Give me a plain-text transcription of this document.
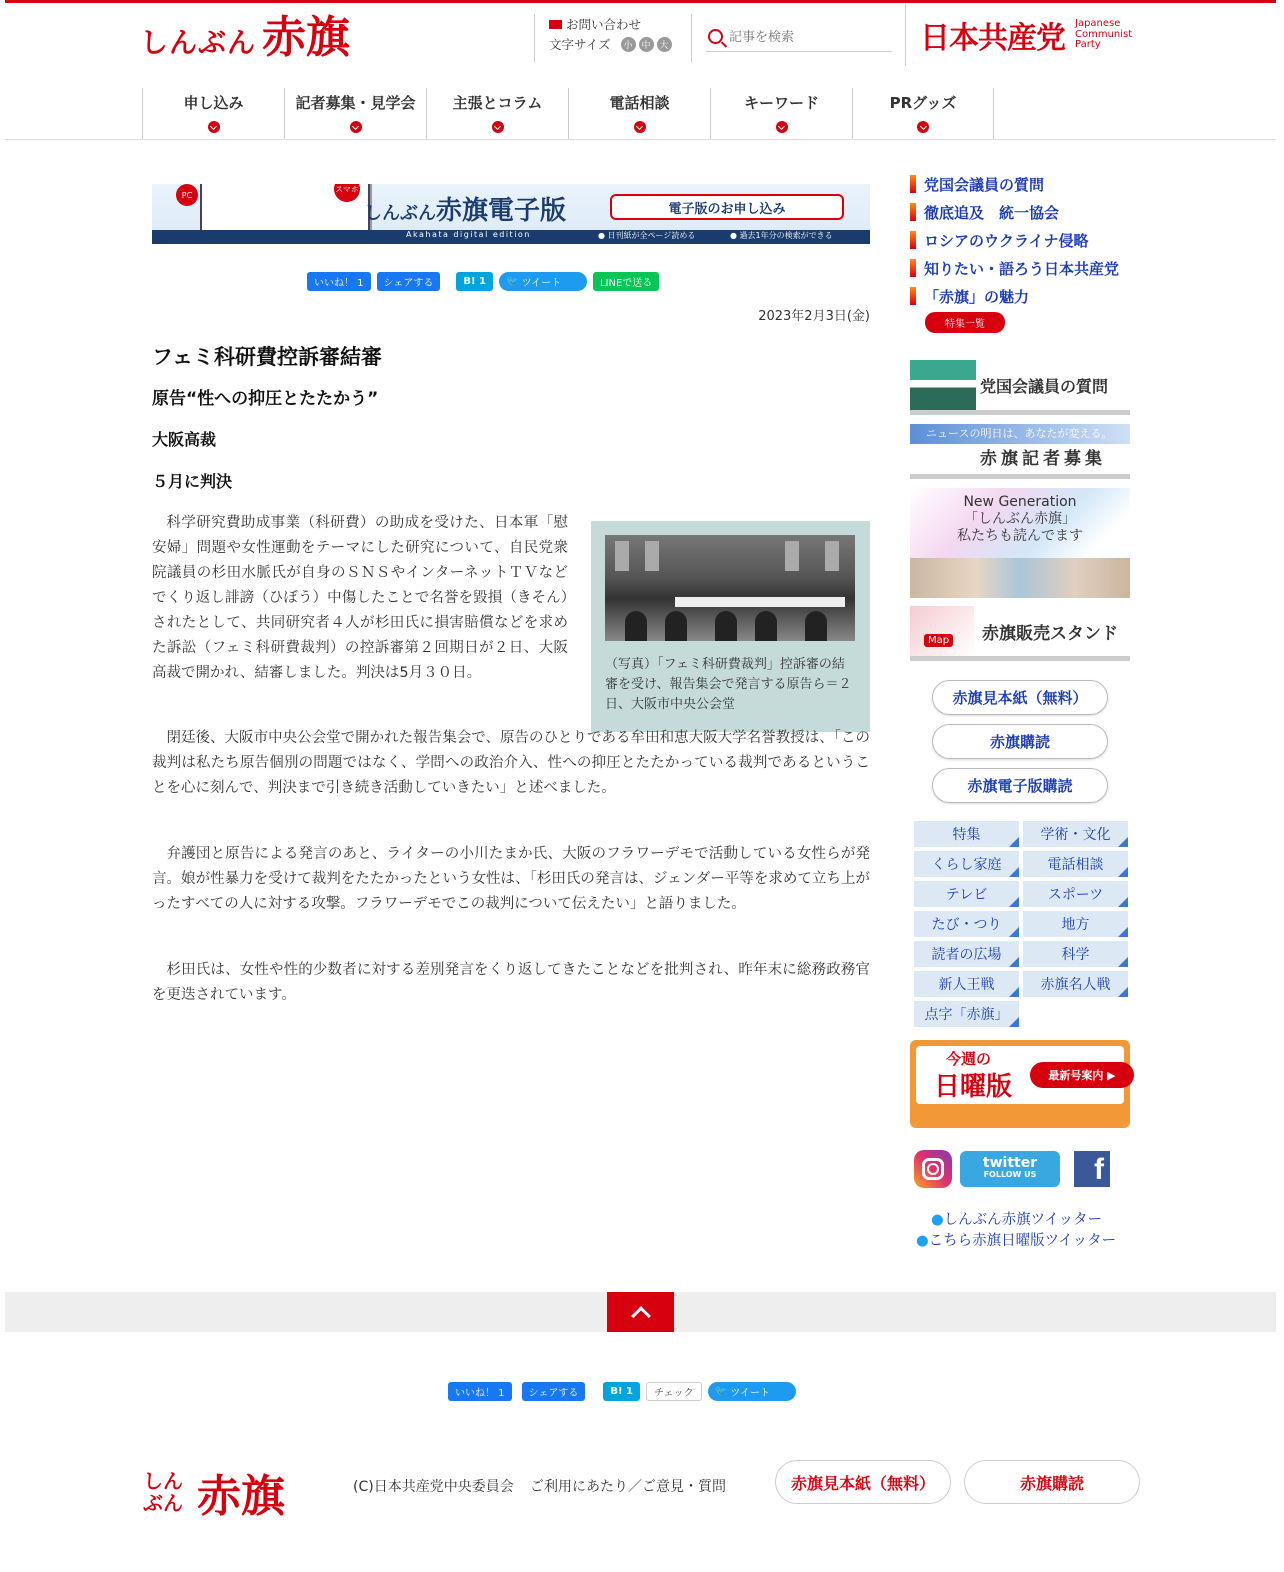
しんぶん 赤旗	お問い合わせ
文字サイズ	小 中 大
記事を検索	日本共産党 Japanese
Communist
Party
申し込み	記者募集・見学会 主張とコラム	電話相談	キーワード	PRグッズ
PC
スマホ
しんぶん赤旗電子版
Akahata digital edition
電子版のお申し込み
● 日刊紙が全ページ読める	● 過去1年分の検索ができる
いいね！ 1	シェアする	B! 1	🐦 ツイート	LINEで送る
2023年2月3日(金)
フェミ科研費控訴審結審
原告“性への抑圧とたたかう”
大阪高裁
５月に判決

科学研究費助成事業（科研費）の助成を受けた、日本軍「慰安婦」問題や女性運動をテーマにした研究について、自民党衆院議員の杉田水脈氏が自身のＳＮＳやインターネットＴＶなどでくり返し誹謗（ひぼう）中傷したことで名誉を毀損（きそん）されたとして、共同研究者４人が杉田氏に損害賠償などを求めた訴訟（フェミ科研費裁判）の控訴審第２回期日が２日、大阪高裁で開かれ、結審しました。判決は5月３０日。

（写真）「フェミ科研費裁判」控訴審の結審を受け、報告集会で発言する原告ら＝２日、大阪市中央公会堂

閉廷後、大阪市中央公会堂で開かれた報告集会で、原告のひとりである牟田和恵大阪大学名誉教授は、「この裁判は私たち原告個別の問題ではなく、学問への政治介入、性への抑圧とたたかっている裁判であるということを心に刻んで、判決まで引き続き活動していきたい」と述べました。

弁護団と原告による発言のあと、ライターの小川たまか氏、大阪のフラワーデモで活動している女性らが発言。娘が性暴力を受けて裁判をたたかったという女性は、「杉田氏の発言は、ジェンダー平等を求めて立ち上がったすべての人に対する攻撃。フラワーデモでこの裁判について伝えたい」と語りました。

杉田氏は、女性や性的少数者に対する差別発言をくり返してきたことなどを批判され、昨年末に総務政務官を更迭されています。

党国会議員の質問
徹底追及　統一協会
ロシアのウクライナ侵略
知りたい・語ろう日本共産党
「赤旗」の魅力
特集一覧
党国会議員の質問
ニュースの明日は、あなたが変える。
赤旗記者募集
New Generation
「しんぶん赤旗」
私たちも読んでます
Map
赤旗販売スタンド
赤旗見本紙（無料）
赤旗購読
赤旗電子版購読
特集	学術・文化
くらし家庭	電話相談
テレビ	スポーツ
たび・つり	地方
読者の広場	科学
新人王戦	赤旗名人戦
点字「赤旗」
今週の
日曜版	最新号案内 ▶
twitter
FOLLOW US	f
●しんぶん赤旗ツイッター
●こちら赤旗日曜版ツイッター
いいね！ 1	シェアする	B! 1	チェック	🐦 ツイート
しんぶん 赤旗	(C)日本共産党中央委員会 ご利用にあたり／ご意見・質問	赤旗見本紙（無料）	赤旗購読
